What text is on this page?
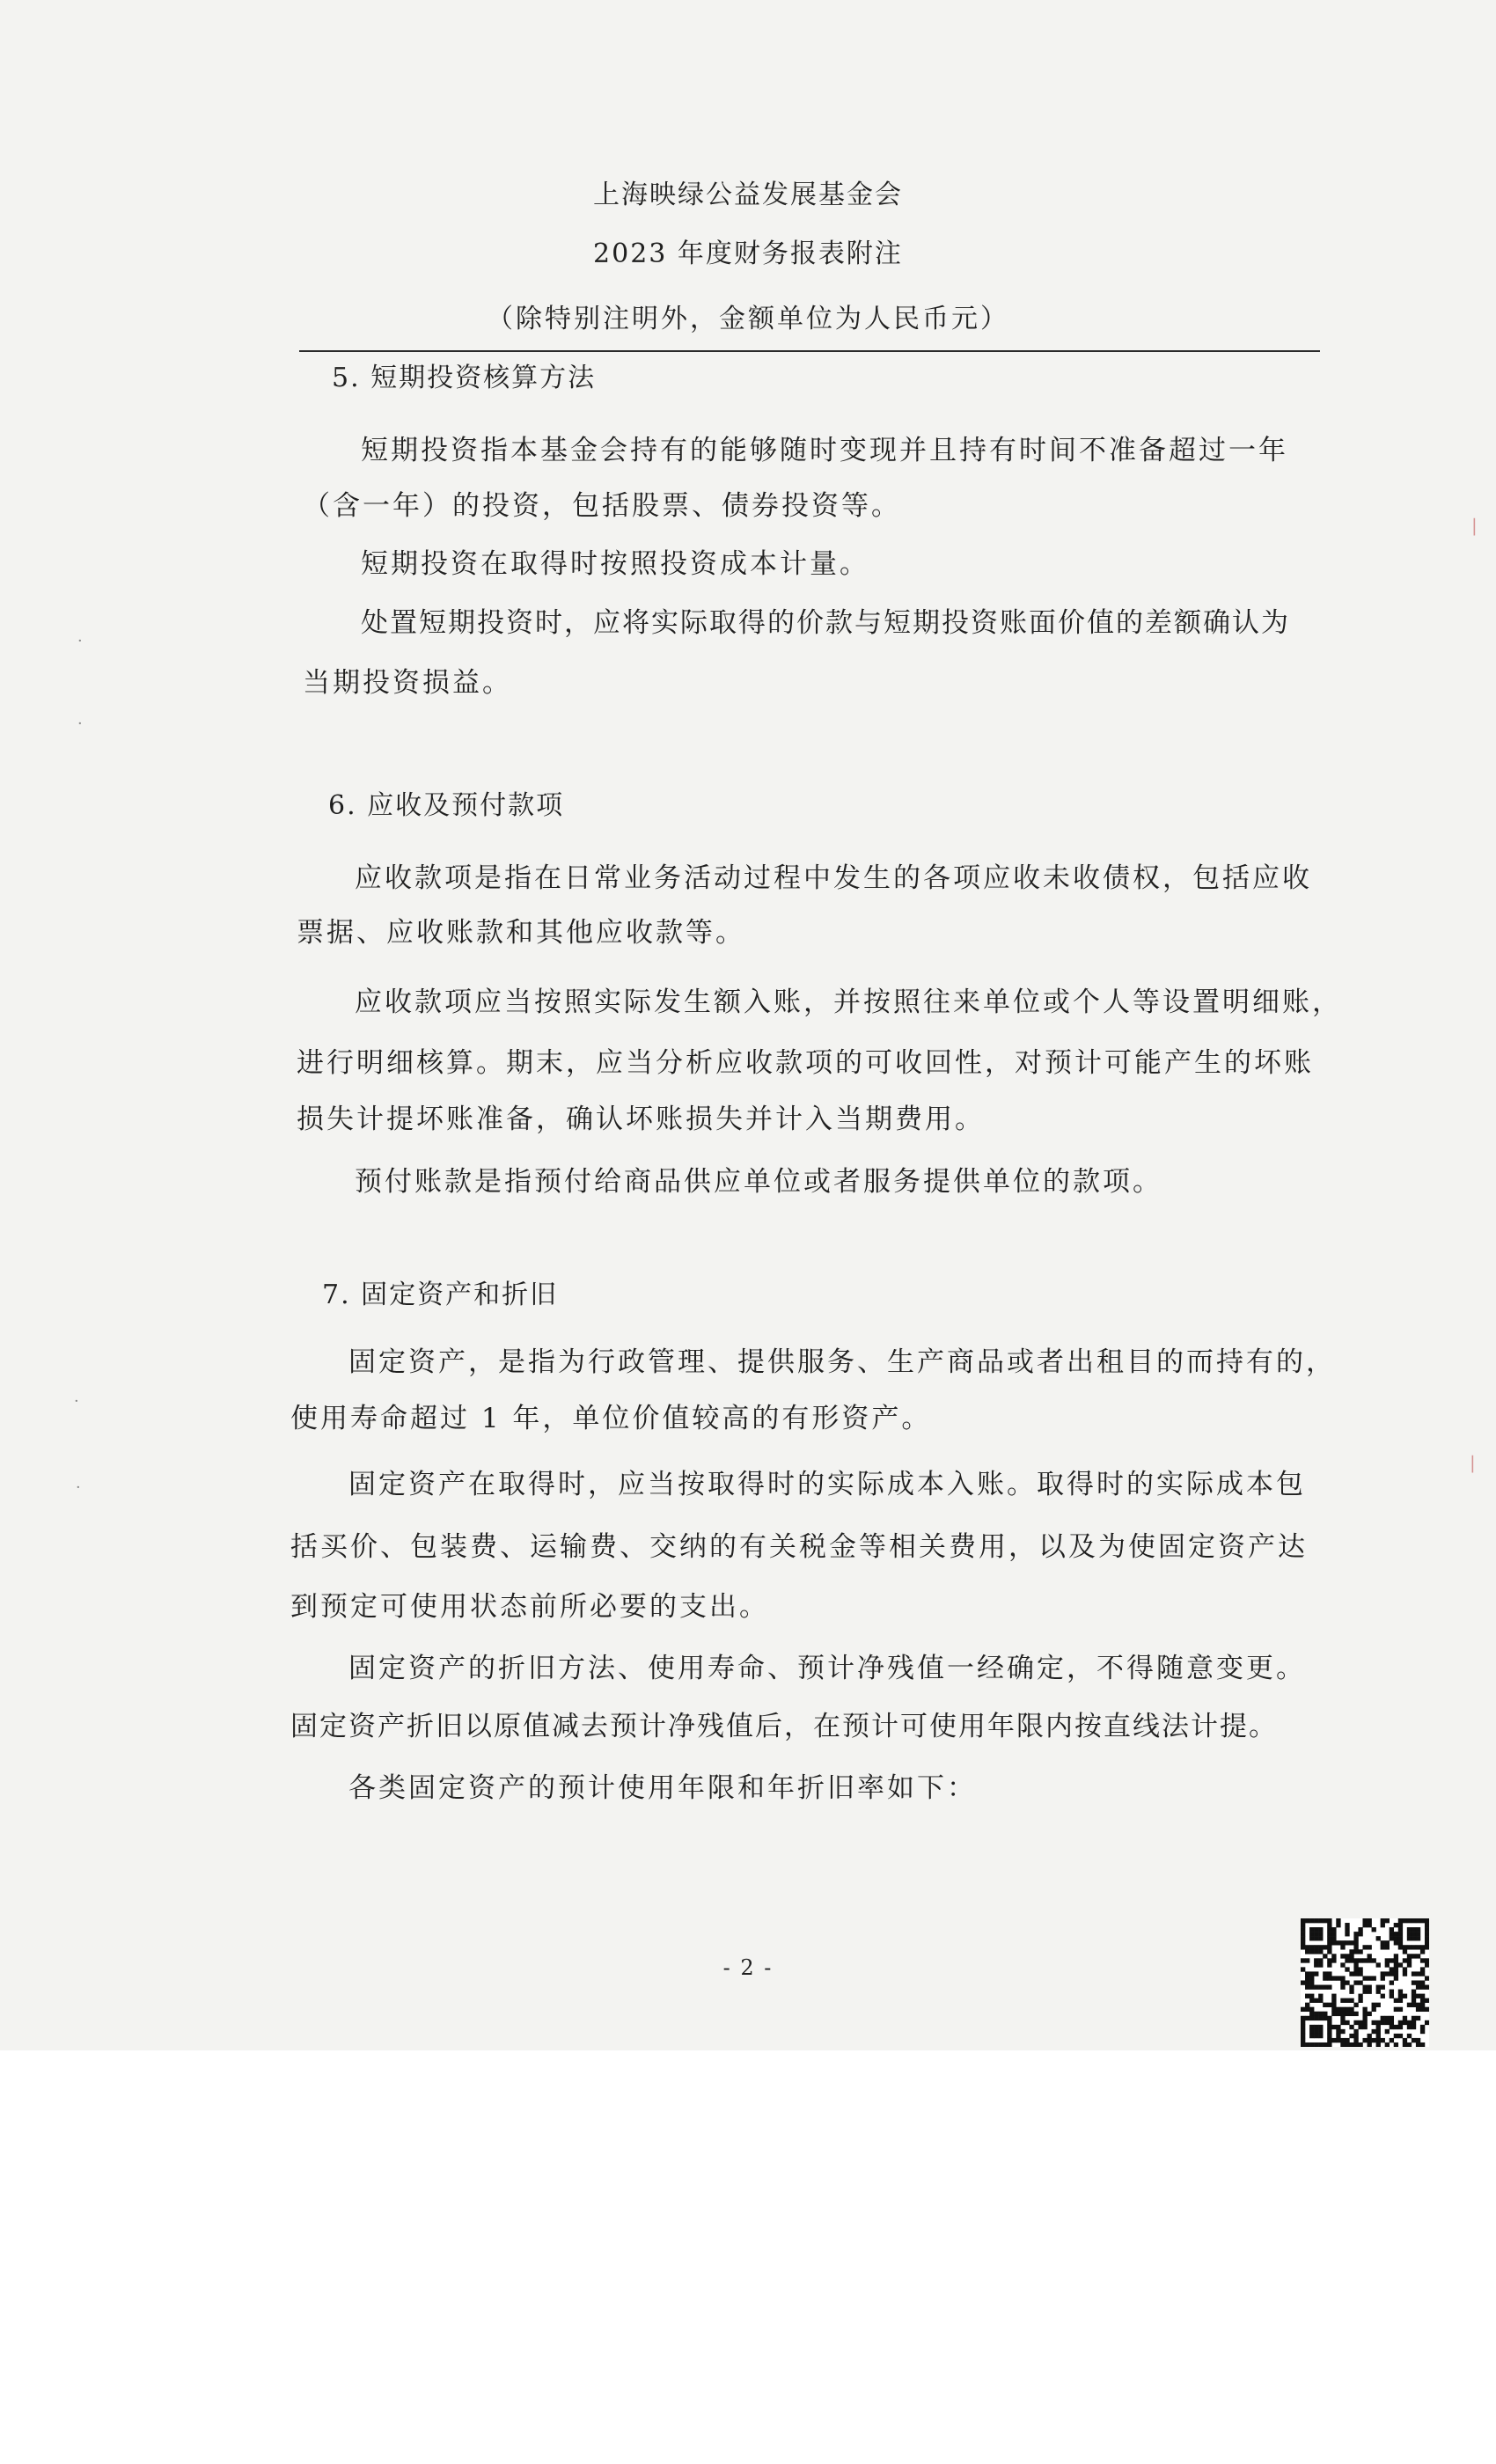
上海映绿公益发展基金会
2023 年度财务报表附注
（除特别注明外，金额单位为人民币元）
5. 短期投资核算方法
短期投资指本基金会持有的能够随时变现并且持有时间不准备超过一年
（含一年）的投资，包括股票、债券投资等。
短期投资在取得时按照投资成本计量。
处置短期投资时，应将实际取得的价款与短期投资账面价值的差额确认为
当期投资损益。
6. 应收及预付款项
应收款项是指在日常业务活动过程中发生的各项应收未收债权，包括应收
票据、应收账款和其他应收款等。
应收款项应当按照实际发生额入账，并按照往来单位或个人等设置明细账，
进行明细核算。期末，应当分析应收款项的可收回性，对预计可能产生的坏账
损失计提坏账准备，确认坏账损失并计入当期费用。
预付账款是指预付给商品供应单位或者服务提供单位的款项。
7. 固定资产和折旧
固定资产，是指为行政管理、提供服务、生产商品或者出租目的而持有的，
使用寿命超过 1 年，单位价值较高的有形资产。
固定资产在取得时，应当按取得时的实际成本入账。取得时的实际成本包
括买价、包装费、运输费、交纳的有关税金等相关费用，以及为使固定资产达
到预定可使用状态前所必要的支出。
固定资产的折旧方法、使用寿命、预计净残值一经确定，不得随意变更。
固定资产折旧以原值减去预计净残值后，在预计可使用年限内按直线法计提。
各类固定资产的预计使用年限和年折旧率如下：
- 2 -
·
·
·
·
|
|
